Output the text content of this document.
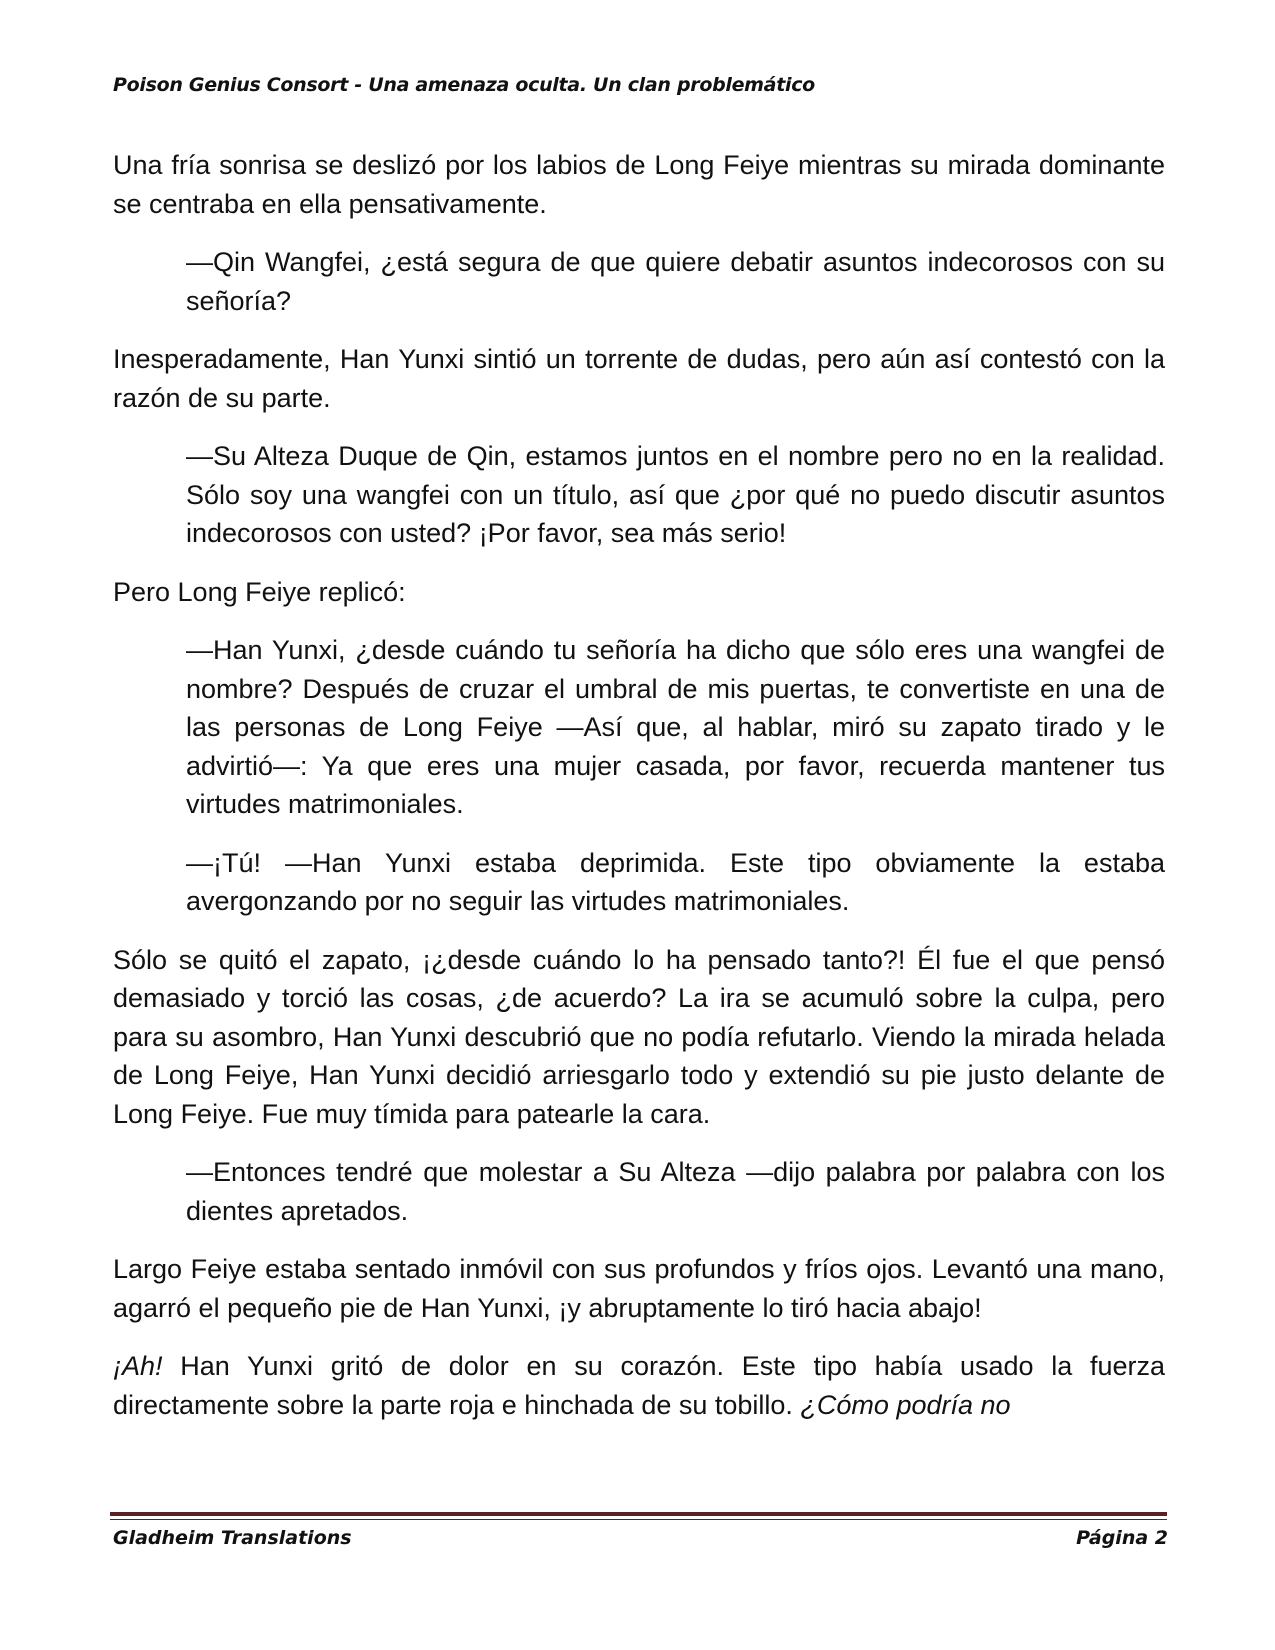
Poison Genius Consort - Una amenaza oculta. Un clan problemático

Una fría sonrisa se deslizó por los labios de Long Feiye mientras su mirada dominante se centraba en ella pensativamente.

—Qin Wangfei, ¿está segura de que quiere debatir asuntos indecorosos con su señoría?

Inesperadamente, Han Yunxi sintió un torrente de dudas, pero aún así contestó con la razón de su parte.

—Su Alteza Duque de Qin, estamos juntos en el nombre pero no en la realidad. Sólo soy una wangfei con un título, así que ¿por qué no puedo discutir asuntos indecorosos con usted? ¡Por favor, sea más serio!

Pero Long Feiye replicó:

—Han Yunxi, ¿desde cuándo tu señoría ha dicho que sólo eres una wangfei de nombre? Después de cruzar el umbral de mis puertas, te convertiste en una de las personas de Long Feiye —Así que, al hablar, miró su zapato tirado y le advirtió—: Ya que eres una mujer casada, por favor, recuerda mantener tus virtudes matrimoniales.

—¡Tú! —Han Yunxi estaba deprimida. Este tipo obviamente la estaba avergonzando por no seguir las virtudes matrimoniales.

Sólo se quitó el zapato, ¡¿desde cuándo lo ha pensado tanto?! Él fue el que pensó demasiado y torció las cosas, ¿de acuerdo? La ira se acumuló sobre la culpa, pero para su asombro, Han Yunxi descubrió que no podía refutarlo. Viendo la mirada helada de Long Feiye, Han Yunxi decidió arriesgarlo todo y extendió su pie justo delante de Long Feiye. Fue muy tímida para patearle la cara.

—Entonces tendré que molestar a Su Alteza —dijo palabra por palabra con los dientes apretados.

Largo Feiye estaba sentado inmóvil con sus profundos y fríos ojos. Levantó una mano, agarró el pequeño pie de Han Yunxi, ¡y abruptamente lo tiró hacia abajo!

¡Ah! Han Yunxi gritó de dolor en su corazón. Este tipo había usado la fuerza directamente sobre la parte roja e hinchada de su tobillo. ¿Cómo podría no

Gladheim Translations	Página 2
